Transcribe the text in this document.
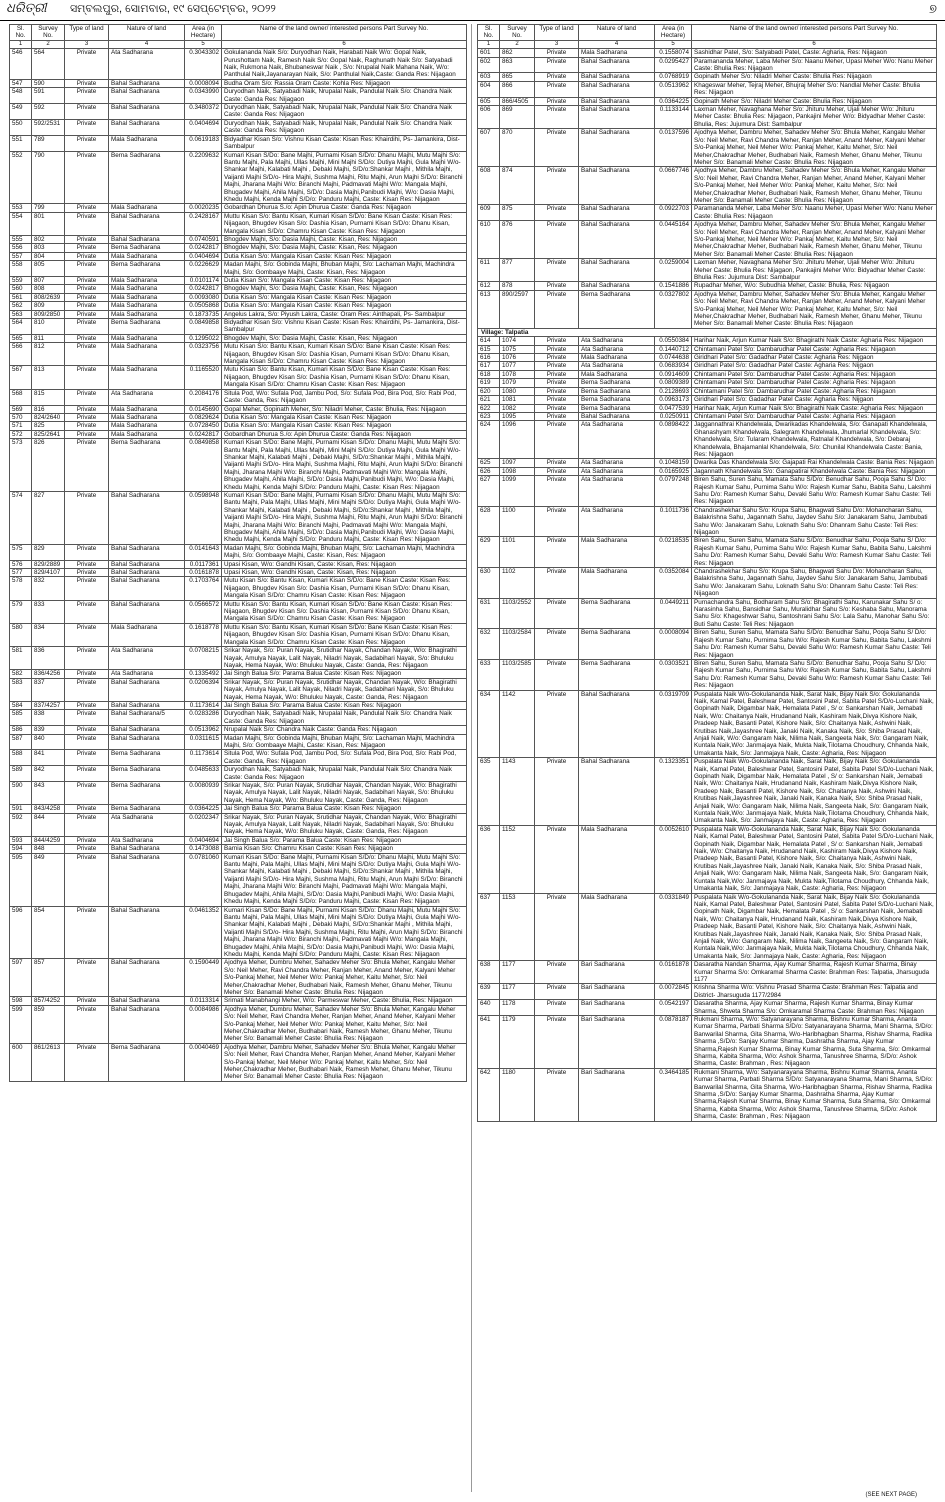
ଧରିତ୍ରୀ ସମ୍ବଲପୁର, ସୋମବାର, ୧୯ ସେପ୍ଟେମ୍ବର, ୨୦୨୨	୭
Sl. No.	Survey No.	Type of land	Nature of land	Area (in Hectare)	Name of the land owner/ interested persons Part Survey No.
1	2	3	4	5	6
546	564	Private	Ata Sadharana	0.3043302	Gokulananda Naik S/o: Duryodhan Naik, Harabati Naik W/o: Gopal Naik, Purushottam Naik, Ramesh Naik S/o: Gopal Naik, Raghunath Naik S/o: Satyabadi Naik, Rukmona Naik, Bhubaneswar Naik , S/o: Nrupalal Naik Mahana Naik, W/o: Panthulal Naik,Jayanarayan Naik, S/o: Panthulal Naik,Caste: Ganda Res: Nijagaon
547	590	Private	Bahal Sadharana	0.0008094	Budha Oram S/o: Rassia Oram Caste: Kohla Res: Nijagaon
548	591	Private	Bahal Sadharana	0.0343990	Duryodhan Naik, Satyabadi Naik, Nrupalal Naik, Pandulal Naik S/o: Chandra Naik Caste: Ganda Res: Nijagaon
549	592	Private	Bahal Sadharana	0.3480372	Duryodhan Naik, Satyabadi Naik, Nrupalal Naik, Pandulal Naik S/o: Chandra Naik Caste: Ganda Res: Nijagaon
550	592/2531	Private	Bahal Sadharana	0.0404694	Duryodhan Naik, Satyabadi Naik, Nrupalal Naik, Pandulal Naik S/o: Chandra Naik Caste: Ganda Res: Nijagaon
551	789	Private	Mala Sadharana	0.0619183	Bidyadhar Kisan S/o: Vishnu Kisan Caste: Kisan Res: Khairdihi, Ps- Jamankira, Dist-Sambalpur
552	790	Private	Berna Sadharana	0.2209632	Kumari Kisan S/Do: Bane Majhi, Purnami Kisan S/D/o: Dhanu Majhi, Mutu Majhi S/o: Bantu Majhi, Pala Majhi, Ullas Majhi, Mini Majhi S/D/o: Dutiya Majhi, Gula Majhi W/o- Shankar Majhi, Kalabati Majhi , Debaki Majhi, S/D/o:Shankar Majhi , Mithila Majhi, Vaijanti Majhi S/D/o- Hira Majhi, Sushma Majhi, Ritu Majhi, Arun Majhi S/D/o: Biranchi Majhi, Jharana Majhi W/o: Biranchi Majhi, Padmavati Majhi W/o: Mangala Majhi, Bhugadev Majhi, Ahila Majhi, S/D/o: Dasia Majhi,Panibudi Majhi, W/o: Dasia Majhi, Khedu Majhi, Kenda Majhi S/D/o: Panduru Majhi, Caste: Kisan Res: Nijagaon
553	799	Private	Mala Sadharana	0.0020235	Gobardhan Dhurua S./o: Apin Dhurua Caste: Ganda Res: Nijagaon
554	801	Private	Bahal Sadharana	0.2428167	Muttu Kisan S/o: Bantu Kisan, Kumari Kisan S/D/o: Bane Kisan Caste: Kisan Res: Nijagaon, Bhugdev Kisan S/o: Dashia Kisan, Purnami Kisan S/D/o: Dhanu Kisan, Mangala Kisan S/D/o: Chamru Kisan Caste: Kisan Res: Nijagaon
555	802	Private	Bahal Sadharana	0.0740591	Bhogdev Majhi, S/o: Dasia Majhi, Caste: Kisan, Res: Nijagaon
556	803	Private	Berna Sadharana	0.0242817	Bhogdev Majhi, S/o: Dasia Majhi, Caste: Kisan, Res: Nijagaon
557	804	Private	Mala Sadharana	0.0404694	Dutia Kisan S/o: Mangala Kisan Caste: Kisan Res: Nijagaon
558	805	Private	Berna Sadharana	0.0226629	Madan Majhi, S/o: Gobinda Majhi, Bhuban Majhi, S/o: Lachaman Majhi, Machindra Majhi, S/o: Gombaaye Majhi, Caste: Kisan, Res: Nijagaon
559	807	Private	Mala Sadharana	0.0101174	Dutia Kisan S/o: Mangala Kisan Caste: Kisan Res: Nijagaon
560	808	Private	Mala Sadharana	0.0242817	Bhogdev Majhi, S/o: Dasia Majhi, Caste: Kisan, Res: Nijagaon
561	808/2639	Private	Mala Sadharana	0.0093080	Dutia Kisan S/o: Mangala Kisan Caste: Kisan Res: Nijagaon
562	809	Private	Mala Sadharana	0.0505868	Dutia Kisan S/o: Mangala Kisan Caste: Kisan Res: Nijagaon
563	809/2850	Private	Mala Sadharana	0.1873735	Angelus Lakra, S/o: Piyush Lakra, Caste: Oram Res: Ainthapali, Ps- Sambalpur
564	810	Private	Berna Sadharana	0.0849858	Bidyadhar Kisan S/o: Vishnu Kisan Caste: Kisan Res: Khairdihi, Ps- Jamankira, Dist-Sambalpur
565	811	Private	Mala Sadharana	0.1295022	Bhogdev Majhi, S/o: Dasia Majhi, Caste: Kisan, Res: Nijagaon
566	812	Private	Mala Sadharana	0.0323756	Mutu Kisan S/o: Bantu Kisan, Kumari Kisan S/D/o: Bane Kisan Caste: Kisan Res: Nijagaon, Bhugdev Kisan S/o: Dashia Kisan, Purnami Kisan S/D/o: Dhanu Kisan, Mangala Kisan S/D/o: Chamru Kisan Caste: Kisan Res: Nijagaon
567	813	Private	Mala Sadharana	0.1165520	Mutu Kisan S/o: Bantu Kisan, Kumari Kisan S/D/o: Bane Kisan Caste: Kisan Res: Nijagaon, Bhugdev Kisan S/o: Dashia Kisan, Purnami Kisan S/D/o: Dhanu Kisan, Mangala Kisan S/D/o: Chamru Kisan Caste: Kisan Res: Nijagaon
568	815	Private	Ata Sadharana	0.2084176	Situla Pod, W/o: Sufala Pod, Jambu Pod, S/o: Sufala Pod, Bira Pod, S/o: Rabi Pod, Caste: Ganda, Res: Nijagaon
569	816	Private	Mala Sadharana	0.0145690	Gopal Meher, Gopinath Meher, S/o: Niladri Meher, Caste: Bhulia, Res: Nijagaon
570	824/2640	Private	Mala Sadharana	0.0829624	Dutia Kisan S/o: Mangala Kisan Caste: Kisan Res: Nijagaon
571	825	Private	Mala Sadharana	0.0728450	Dutia Kisan S/o: Mangala Kisan Caste: Kisan Res: Nijagaon
572	825/2641	Private	Mala Sadharana	0.0242817	Gobardhan Dhurua S./o: Apin Dhurua Caste: Ganda Res: Nijagaon
573	826	Private	Berna Sadharana	0.0849858	Kumari Kisan S/Do: Bane Majhi, Purnami Kisan S/D/o: Dhanu Majhi, Mutu Majhi S/o: Bantu Majhi, Pala Majhi, Ullas Majhi, Mini Majhi S/D/o: Dutiya Majhi, Gula Majhi W/o- Shankar Majhi, Kalabati Majhi , Debaki Majhi, S/D/o:Shankar Majhi , Mithila Majhi, Vaijanti Majhi S/D/o- Hira Majhi, Sushma Majhi, Ritu Majhi, Arun Majhi S/D/o: Biranchi Majhi, Jharana Majhi W/o: Biranchi Majhi, Padmavati Majhi W/o: Mangala Majhi, Bhugadev Majhi, Ahila Majhi, S/D/o: Dasia Majhi,Panibudi Majhi, W/o: Dasia Majhi, Khedu Majhi, Kenda Majhi S/D/o: Panduru Majhi, Caste: Kisan Res: Nijagaon
574	827	Private	Bahal Sadharana	0.0598948	Kumari Kisan S/Do: Bane Majhi, Purnami Kisan S/D/o: Dhanu Majhi, Mutu Majhi S/o: Bantu Majhi, Pala Majhi, Ullas Majhi, Mini Majhi S/D/o: Dutiya Majhi, Gula Majhi W/o- Shankar Majhi, Kalabati Majhi , Debaki Majhi, S/D/o:Shankar Majhi , Mithila Majhi, Vaijanti Majhi S/D/o- Hira Majhi, Sushma Majhi, Ritu Majhi, Arun Majhi S/D/o: Biranchi Majhi, Jharana Majhi W/o: Biranchi Majhi, Padmavati Majhi W/o: Mangala Majhi, Bhugadev Majhi, Ahila Majhi, S/D/o: Dasia Majhi,Panibudi Majhi, W/o: Dasia Majhi, Khedu Majhi, Kenda Majhi S/D/o: Panduru Majhi, Caste: Kisan Res: Nijagaon
575	829	Private	Bahal Sadharana	0.0141643	Madan Majhi, S/o: Gobinda Majhi, Bhuban Majhi, S/o: Lachaman Majhi, Machindra Majhi, S/o: Gombaaye Majhi, Caste: Kisan, Res: Nijagaon
576	829/2889	Private	Bahal Sadharana	0.0117361	Upasi Kisan, W/o: Gandhi Kisan, Caste: Kisan, Res: Nijagaon
577	829/4107	Private	Bahal Sadharana	0.0161878	Upasi Kisan, W/o: Gandhi Kisan, Caste: Kisan, Res: Nijagaon
578	832	Private	Bahal Sadharana	0.1703764	Mutu Kisan S/o: Bantu Kisan, Kumari Kisan S/D/o: Bane Kisan Caste: Kisan Res: Nijagaon, Bhugdev Kisan S/o: Dashia Kisan, Purnami Kisan S/D/o: Dhanu Kisan, Mangala Kisan S/D/o: Chamru Kisan Caste: Kisan Res: Nijagaon
579	833	Private	Bahal Sadharana	0.0566572	Muttu Kisan S/o: Bantu Kisan, Kumari Kisan S/D/o: Bane Kisan Caste: Kisan Res: Nijagaon, Bhugdev Kisan S/o: Dashia Kisan, Purnami Kisan S/D/o: Dhanu Kisan, Mangala Kisan S/D/o: Chamru Kisan Caste: Kisan Res: Nijagaon
580	834	Private	Mala Sadharana	0.1618778	Muttu Kisan S/o: Bantu Kisan, Kumari Kisan S/D/o: Bane Kisan Caste: Kisan Res: Nijagaon, Bhugdev Kisan S/o: Dashia Kisan, Purnami Kisan S/D/o: Dhanu Kisan, Mangala Kisan S/D/o: Chamru Kisan Caste: Kisan Res: Nijagaon
581	836	Private	Ata Sadharana	0.0708215	Srikar Nayak, S/o: Puran Nayak, Srutidhar Nayak, Chandan Nayak, W/o: Bhagirathi Nayak, Amulya Nayak, Lalit Nayak, Niladri Nayak, Sadabihari Nayak, S/o: Bhuluku Nayak, Hema Nayak, W/o: Bhuluku Nayak, Caste: Ganda, Res: Nijagaon
582	836/4256	Private	Ata Sadharana	0.1335492	Jai Singh Balua S/o: Parama Balua Caste: Kisan Res: Nijagaon
583	837	Private	Bahal Sadharana	0.0206394	Srikar Nayak, S/o: Puran Nayak, Srutidhar Nayak, Chandan Nayak, W/o: Bhagirathi Nayak, Amulya Nayak, Lalit Nayak, Niladri Nayak, Sadabihari Nayak, S/o: Bhuluku Nayak, Hema Nayak, W/o: Bhuluku Nayak, Caste: Ganda, Res: Nijagaon
584	837/4257	Private	Bahal Sadharana	0.1173614	Jai Singh Balua S/o: Parama Balua Caste: Kisan Res: Nijagaon
585	838	Private	Bahal Sadharana/5	0.0283286	Duryodhan Naik, Satyabadi Naik, Nrupalal Naik, Pandulal Naik S/o: Chandra Naik Caste: Ganda Res: Nijagaon
586	839	Private	Bahal Sadharana	0.0513962	Nrupalal Naik S/o: Chandra Naik Caste: Ganda Res: Nijagaon
587	840	Private	Bahal Sadharana	0.0311615	Madan Majhi, S/o: Gobinda Majhi, Bhuban Majhi, S/o: Lachaman Majhi, Machindra Majhi, S/o: Gombaaye Majhi, Caste: Kisan, Res: Nijagaon
588	841	Private	Berna Sadharana	0.1173614	Situla Pod, W/o: Sufala Pod, Jambu Pod, S/o: Sufala Pod, Bira Pod, S/o: Rabi Pod, Caste: Ganda, Res: Nijagaon
589	842	Private	Berna Sadharana	0.0485633	Duryodhan Naik, Satyabadi Naik, Nrupalal Naik, Pandulal Naik S/o: Chandra Naik Caste: Ganda Res: Nijagaon
590	843	Private	Berna Sadharana	0.0080939	Srikar Nayak, S/o: Puran Nayak, Srutidhar Nayak, Chandan Nayak, W/o: Bhagirathi Nayak, Amulya Nayak, Lalit Nayak, Niladri Nayak, Sadabihari Nayak, S/o: Bhuluku Nayak, Hema Nayak, W/o: Bhuluku Nayak, Caste: Ganda, Res: Nijagaon
591	843/4258	Private	Berna Sadharana	0.0364225	Jai Singh Balua S/o: Parama Balua Caste: Kisan Res: Nijagaon
592	844	Private	Ata Sadharana	0.0202347	Srikar Nayak, S/o: Puran Nayak, Srutidhar Nayak, Chandan Nayak, W/o: Bhagirathi Nayak, Amulya Nayak, Lalit Nayak, Niladri Nayak, Sadabihari Nayak, S/o: Bhuluku Nayak, Hema Nayak, W/o: Bhuluku Nayak, Caste: Ganda, Res: Nijagaon
593	844/4259	Private	Ata Sadharana	0.0404694	Jai Singh Balua S/o: Parama Balua Caste: Kisan Res: Nijagaon
594	848	Private	Bahal Sadharana	0.1473088	Barnia Kisan S/o: Chamru Kisan Caste: Kisan Res: Nijagaon
595	849	Private	Bahal Sadharana	0.0781060	Kumari Kisan S/Do: Bane Majhi, Purnami Kisan S/D/o: Dhanu Majhi, Mutu Majhi S/o: Bantu Majhi, Pala Majhi, Ullas Majhi, Mini Majhi S/D/o: Dutiya Majhi, Gula Majhi W/o- Shankar Majhi, Kalabati Majhi , Debaki Majhi, S/D/o:Shankar Majhi , Mithila Majhi, Vaijanti Majhi S/D/o- Hira Majhi, Sushma Majhi, Ritu Majhi, Arun Majhi S/D/o: Biranchi Majhi, Jharana Majhi W/o: Biranchi Majhi, Padmavati Majhi W/o: Mangala Majhi, Bhugadev Majhi, Ahila Majhi, S/D/o: Dasia Majhi,Panibudi Majhi, W/o: Dasia Majhi, Khedu Majhi, Kenda Majhi S/D/o: Panduru Majhi, Caste: Kisan Res: Nijagaon
596	854	Private	Bahal Sadharana	0.0461352	Kumari Kisan S/Do: Bane Majhi, Purnami Kisan S/D/o: Dhanu Majhi, Mutu Majhi S/o: Bantu Majhi, Pala Majhi, Ullas Majhi, Mini Majhi S/D/o: Dutiya Majhi, Gula Majhi W/o- Shankar Majhi, Kalabati Majhi , Debaki Majhi, S/D/o:Shankar Majhi , Mithila Majhi, Vaijanti Majhi S/D/o- Hira Majhi, Sushma Majhi, Ritu Majhi, Arun Majhi S/D/o: Biranchi Majhi, Jharana Majhi W/o: Biranchi Majhi, Padmavati Majhi W/o: Mangala Majhi, Bhugadev Majhi, Ahila Majhi, S/D/o: Dasia Majhi,Panibudi Majhi, W/o: Dasia Majhi, Khedu Majhi, Kenda Majhi S/D/o: Panduru Majhi, Caste: Kisan Res: Nijagaon
597	857	Private	Bahal Sadharana	0.1590449	Ajodhya Meher, Dumbru Meher, Sahadev Meher S/o: Bhula Meher, Kangalu Meher S/o: Neil Meher, Ravi Chandra Meher, Ranjan Meher, Anand Meher, Kalyani Meher S/o-Pankaj Meher, Neil Meher W/o: Pankaj Meher, Kaitu Meher, S/o: Neil Meher,Chakradhar Meher, Budhabari Naik, Ramesh Meher, Ghanu Meher, Tikunu Meher S/o: Banamali Meher Caste: Bhulia Res: Nijagaon
598	857/4252	Private	Bahal Sadharana	0.0113314	Srimati Manabhangi Meher, W/o: Parmeswar Meher, Caste: Bhulia, Res: Nijagaon
599	859	Private	Bahal Sadharana	0.0084986	Ajodhya Meher, Dumbru Meher, Sahadev Meher S/o: Bhula Meher, Kangalu Meher S/o: Neil Meher, Ravi Chandra Meher, Ranjan Meher, Anand Meher, Kalyani Meher S/o-Pankaj Meher, Neil Meher W/o: Pankaj Meher, Kaitu Meher, S/o: Neil Meher,Chakradhar Meher, Budhabari Naik, Ramesh Meher, Ghanu Meher, Tikunu Meher S/o: Banamali Meher Caste: Bhulia Res: Nijagaon
600	861/2613	Private	Berna Sadharana	0.0040469	Ajodhya Meher, Dambru Meher, Sahadev Meher S/o: Bhula Meher, Kangalu Meher S/o: Neil Meher, Ravi Chandra Meher, Ranjan Meher, Anand Meher, Kalyani Meher S/o-Pankaj Meher, Neil Meher W/o: Pankaj Meher, Kaitu Meher, S/o: Neil Meher,Chakradhar Meher, Budhabari Naik, Ramesh Meher, Ghanu Meher, Tikunu Meher S/o: Banamali Meher Caste: Bhulia Res: Nijagaon
Sl. No.	Survey No.	Type of land	Nature of land	Area (in Hectare)	Name of the land owner/ interested persons Part Survey No.
1	2	3	4	5	6
601	862	Private	Mala Sadharana	0.1558074	Sashidhar Patel, S/o: Satyabadi Patel, Caste: Agharia, Res: Nijagaon
602	863	Private	Bahal Sadharana	0.0295427	Paramananda Meher, Laba Meher S/o: Naanu Meher, Upasi Meher W/o: Nanu Meher Caste: Bhulia Res: Nijagaon
603	865	Private	Bahal Sadharana	0.0768919	Gopinath Meher S/o: Niladri Meher Caste: Bhulia Res: Nijagaon
604	866	Private	Bahal Sadharana	0.0513962	Khageswar Meher, Tejraj Meher, Bhujraj Meher S/o: Nandlal Meher Caste: Bhulia Res: Nijagaon
605	866/4505	Private	Bahal Sadharana	0.0364225	Gopinath Meher S/o: Niladri Meher Caste: Bhulia Res: Nijagaon
606	869	Private	Bahal Sadharana	0.1133144	Laxman Meher, Navaghana Meher S/o: Jhituru Meher, Ujali Meher W/o: Jhituru Meher Caste: Bhulia Res: Nijagaon, Pankajini Meher W/o: Bidyadhar Meher Caste: Bhulia, Res: Jujumura Dist: Sambalpur
607	870	Private	Bahal Sadharana	0.0137596	Ajodhya Meher, Dambru Meher, Sahadev Meher S/o: Bhula Meher, Kangalu Meher S/o: Neil Meher, Ravi Chandra Meher, Ranjan Meher, Anand Meher, Kalyani Meher S/o-Pankaj Meher, Neil Meher W/o: Pankaj Meher, Kaitu Meher, S/o: Neil Meher,Chakradhar Meher, Budhabari Naik, Ramesh Meher, Ghanu Meher, Tikunu Meher S/o: Banamali Meher Caste: Bhulia Res: Nijagaon
608	874	Private	Bahal Sadharana	0.0667746	Ajodhya Meher, Dambru Meher, Sahadev Meher S/o: Bhula Meher, Kangalu Meher S/o: Neil Meher, Ravi Chandra Meher, Ranjan Meher, Anand Meher, Kalyani Meher S/o-Pankaj Meher, Neil Meher W/o: Pankaj Meher, Kaitu Meher, S/o: Neil Meher,Chakradhar Meher, Budhabari Naik, Ramesh Meher, Ghanu Meher, Tikunu Meher S/o: Banamali Meher Caste: Bhulia Res: Nijagaon
609	875	Private	Bahal Sadharana	0.0922703	Paramananda Meher, Laba Meher S/o: Naanu Meher, Upasi Meher W/o: Nanu Meher Caste: Bhulia Res: Nijagaon
610	876	Private	Bahal Sadharana	0.0445164	Ajodhya Meher, Dambru Meher, Sahadev Meher S/o: Bhula Meher, Kangalu Meher S/o: Neil Meher, Ravi Chandra Meher, Ranjan Meher, Anand Meher, Kalyani Meher S/o-Pankaj Meher, Neil Meher W/o: Pankaj Meher, Kaitu Meher, S/o: Neil Meher,Chakradhar Meher, Budhabari Naik, Ramesh Meher, Ghanu Meher, Tikunu Meher S/o: Banamali Meher Caste: Bhulia Res: Nijagaon
611	877	Private	Bahal Sadharana	0.0259004	Laxman Meher, Navaghana Meher S/o: Jhituru Meher, Ujali Meher W/o: Jhituru Meher Caste: Bhulia Res: Nijagaon, Pankajini Meher W/o: Bidyadhar Meher Caste: Bhulia Res: Jujumura Dist: Sambalpur
612	878	Private	Bahal Sadharana	0.1541886	Rupadhar Meher, W/o: Subudhia Meher, Caste: Bhulia, Res: Nijagaon
613	890/2597	Private	Berna Sadharana	0.0327802	Ajodhya Meher, Dambru Meher, Sahadev Meher S/o: Bhula Meher, Kangalu Meher S/o: Neil Meher, Ravi Chandra Meher, Ranjan Meher, Anand Meher, Kalyani Meher S/o-Pankaj Meher, Neil Meher W/o: Pankaj Meher, Kaitu Meher, S/o: Neil Meher,Chakradhar Meher, Budhabari Naik, Ramesh Meher, Ghanu Meher, Tikunu Meher S/o: Banamali Meher Caste: Bhulia Res: Nijagaon
Village: Talpatia					
614	1074	Private	Ata Sadharana	0.0550384	Harihar Naik, Arjun Kumar Naik S/o: Bhagirathi Naik Caste: Agharia Res: Nijagaon
615	1075	Private	Ata Sadharana	0.1440712	Chintamani Patel S/o: Dambarudhar Patel Caste: Agharia Res: Nijagaon
616	1076	Private	Mala Sadharana	0.0744638	Giridhari Patel S/o: Gadadhar Patel Caste: Agharia Res: Nijgaon
617	1077	Private	Ata Sadharana	0.0683934	Giridhari Patel S/o: Gadadhar Patel Caste: Agharia Res: Nijgaon
618	1078	Private	Mala Sadharana	0.0914609	Chintamani Patel S/o: Dambarudhar Patel Caste: Agharia Res: Nijagaon
619	1079	Private	Berna Sadharana	0.0809389	Chintamani Patel S/o: Dambarudhar Patel Caste: Agharia Res: Nijagaon
620	1080	Private	Berna Sadharana	0.2128693	Chintamani Patel S/o: Dambarudhar Patel Caste: Agharia Res: Nijagaon
621	1081	Private	Berna Sadharana	0.0963173	Giridhari Patel S/o: Gadadhar Patel Caste: Agharia Res: Nijgaon
622	1082	Private	Berna Sadharana	0.0477539	Harihar Naik, Arjun Kumar Naik S/o: Bhagirathi Naik Caste: Agharia Res: Nijagaon
623	1095	Private	Bahal Sadharana	0.0250911	Chintamani Patel S/o: Dambarudhar Patel Caste: Agharia Res: Nijagaon
624	1096	Private	Ata Sadharana	0.0898422	Jaggannathrai Khandelwala, Dwarikadas Khandelwala, S/o: Ganapati Khandelwala, Ghanashyam Khandelwala, Salegram Khandelwala, Jhumarlal Khandelwala, S/o: Khandelwala, S/o: Tularam Khandelwala, Ratnalal Khandelwala, S/o: Debaraj Khandelwala, Bhajamanlal Khandelwala, S/o: Chunilal Khandelwala Caste: Bania, Res: Nijagaon
625	1097	Private	Ata Sadharana	0.1048159	Dwarika Das Khandelwala S/o: Gajapati Rai Khandelwala Caste: Bania Res: Nijagaon
626	1098	Private	Ata Sadharana	0.0165925	Jagannath Khandelwala S/o: Ganapatirai Khandelwala Caste: Bania Res: Nijagaon
627	1099	Private	Ata Sadharana	0.0797248	Biren Sahu, Suren Sahu, Mamata Sahu S/D/o: Benudhar Sahu, Pooja Sahu S/ D/o: Rajesh Kumar Sahu, Purnima Sahu W/o: Rajesh Kumar Sahu, Babita Sahu, Lakshmi Sahu D/o: Ramesh Kumar Sahu, Devaki Sahu W/o: Ramesh Kumar Sahu Caste: Teli Res: Nijagaon
628	1100	Private	Ata Sadharana	0.1011736	Chandrashekhar Sahu S/o: Krupa Sahu, Bhagwati Sahu D/o: Mohancharan Sahu, Balakrishna Sahu, Jagannath Sahu, Jaydev Sahu S/o: Janakaram Sahu, Jambubati Sahu W/o: Janakaram Sahu, Loknath Sahu S/o: Dhanram Sahu Caste: Teli Res: Nijagaon
629	1101	Private	Mala Sadharana	0.0218535	Biren Sahu, Suren Sahu, Mamata Sahu S/D/o: Benudhar Sahu, Pooja Sahu S/ D/o: Rajesh Kumar Sahu, Purnima Sahu W/o: Rajesh Kumar Sahu, Babita Sahu, Lakshmi Sahu D/o: Ramesh Kumar Sahu, Devaki Sahu W/o: Ramesh Kumar Sahu Caste: Teli Res: Nijagaon
630	1102	Private	Mala Sadharana	0.0352084	Chandrashekhar Sahu S/o: Krupa Sahu, Bhagwati Sahu D/o: Mohancharan Sahu, Balakrishna Sahu, Jagannath Sahu, Jaydev Sahu S/o: Janakaram Sahu, Jambubati Sahu W/o: Janakaram Sahu, Loknath Sahu S/o: Dhanram Sahu Caste: Teli Res: Nijagaon
631	1103/2552	Private	Berna Sadharana	0.0449211	Purnachandra Sahu, Bodharam Sahu S/o: Bhagirathi Sahu, Karunakar Sahu S/ o: Narasinha Sahu, Bansidhar Sahu, Muralidhar Sahu S/o: Keshaba Sahu, Manorama Sahu S/o: Khageshwar Sahu, Santoshrani Sahu S/o: Lala Sahu, Manohar Sahu S/o: Buti Sahu Caste: Teli Res: Nijagaon
632	1103/2584	Private	Berna Sadharana	0.0008094	Biren Sahu, Suren Sahu, Mamata Sahu S/D/o: Benudhar Sahu, Pooja Sahu S/ D/o: Rajesh Kumar Sahu, Purnima Sahu W/o: Rajesh Kumar Sahu, Babita Sahu, Lakshmi Sahu D/o: Ramesh Kumar Sahu, Devaki Sahu W/o: Ramesh Kumar Sahu Caste: Teli Res: Nijagaon
633	1103/2585	Private	Berna Sadharana	0.0303521	Biren Sahu, Suren Sahu, Mamata Sahu S/D/o: Benudhar Sahu, Pooja Sahu S/ D/o: Rajesh Kumar Sahu, Purnima Sahu W/o: Rajesh Kumar Sahu, Babita Sahu, Lakshmi Sahu D/o: Ramesh Kumar Sahu, Devaki Sahu W/o: Ramesh Kumar Sahu Caste: Teli Res: Nijagaon
634	1142	Private	Bahal Sadharana	0.0319709	Puspalata Naik W/o-Gokulananda Naik, Sarat Naik, Bijay Naik S/o: Gokulananda Naik, Kamal Patel, Baleshwar Patel, Santosini Patel, Sabita Patel S/D/o-Luchani Naik, Gopinath Naik, Digambar Naik, Hemalata Patel , S/ o: Sankarshan Naik, Jemabati Naik, W/o: Chaitanya Naik, Hrudanand Naik, Kashiram Naik,Divya Kishore Naik, Pradeep Naik, Basanti Patel, Kishore Naik, S/o: Chaitanya Naik, Ashwini Naik, Krutibas Naik,Jayashree Naik, Janaki Naik, Kanaka Naik, S/o: Shiba Prasad Naik, Anjali Naik, W/o: Gangaram Naik, Nilima Naik, Sangeeta Naik, S/o: Gangaram Naik, Kuntala Naik,W/o: Janmajaya Naik, Mukta Naik,Tilotama Choudhury, Chhanda Naik, Umakanta Naik, S/o: Janmajaya Naik, Caste: Agharia, Res: Nijagaon
635	1143	Private	Bahal Sadharana	0.1323351	Puspalata Naik W/o-Gokulananda Naik, Sarat Naik, Bijay Naik S/o: Gokulananda Naik, Kamal Patel, Baleshwar Patel, Santosini Patel, Sabita Patel S/D/o-Luchani Naik, Gopinath Naik, Digambar Naik, Hemalata Patel , S/ o: Sankarshan Naik, Jemabati Naik, W/o: Chaitanya Naik, Hrudanand Naik, Kashiram Naik,Divya Kishore Naik, Pradeep Naik, Basanti Patel, Kishore Naik, S/o: Chaitanya Naik, Ashwini Naik, Krutibas Naik,Jayashree Naik, Janaki Naik, Kanaka Naik, S/o: Shiba Prasad Naik, Anjali Naik, W/o: Gangaram Naik, Nilima Naik, Sangeeta Naik, S/o: Gangaram Naik, Kuntala Naik,W/o: Janmajaya Naik, Mukta Naik,Tilotama Choudhury, Chhanda Naik, Umakanta Naik, S/o: Janmajaya Naik, Caste: Agharia, Res: Nijagaon
636	1152	Private	Mala Sadharana	0.0052610	Puspalata Naik W/o-Gokulananda Naik, Sarat Naik, Bijay Naik S/o: Gokulananda Naik, Kamal Patel, Baleshwar Patel, Santosini Patel, Sabita Patel S/D/o-Luchani Naik, Gopinath Naik, Digambar Naik, Hemalata Patel , S/ o: Sankarshan Naik, Jemabati Naik, W/o: Chaitanya Naik, Hrudanand Naik, Kashiram Naik,Divya Kishore Naik, Pradeep Naik, Basanti Patel, Kishore Naik, S/o: Chaitanya Naik, Ashwini Naik, Krutibas Naik,Jayashree Naik, Janaki Naik, Kanaka Naik, S/o: Shiba Prasad Naik, Anjali Naik, W/o: Gangaram Naik, Nilima Naik, Sangeeta Naik, S/o: Gangaram Naik, Kuntala Naik,W/o: Janmajaya Naik, Mukta Naik,Tilotama Choudhury, Chhanda Naik, Umakanta Naik, S/o: Janmajaya Naik, Caste: Agharia, Res: Nijagaon
637	1153	Private	Mala Sadharana	0.0331849	Puspalata Naik W/o-Gokulananda Naik, Sarat Naik, Bijay Naik S/o: Gokulananda Naik, Kamal Patel, Baleshwar Patel, Santosini Patel, Sabita Patel S/D/o-Luchani Naik, Gopinath Naik, Digambar Naik, Hemalata Patel , S/ o: Sankarshan Naik, Jemabati Naik, W/o: Chaitanya Naik, Hrudanand Naik, Kashiram Naik,Divya Kishore Naik, Pradeep Naik, Basanti Patel, Kishore Naik, S/o: Chaitanya Naik, Ashwini Naik, Krutibas Naik,Jayashree Naik, Janaki Naik, Kanaka Naik, S/o: Shiba Prasad Naik, Anjali Naik, W/o: Gangaram Naik, Nilima Naik, Sangeeta Naik, S/o: Gangaram Naik, Kuntala Naik,W/o: Janmajaya Naik, Mukta Naik,Tilotama Choudhury, Chhanda Naik, Umakanta Naik, S/o: Janmajaya Naik, Caste: Agharia, Res: Nijagaon
638	1177	Private	Bari Sadharana	0.0161878	Dasaratha Nandan Sharma, Ajay Kumar Sharma, Rajesh Kumar Sharma, Binay Kumar Sharma S/o: Omkaramal Sharma Caste: Brahman Res: Talpatia, Jharsuguda 1177
639	1177	Private	Bari Sadharana	0.0072845	Krishna Sharma W/o: Vishnu Prasad Sharma Caste: Brahman Res: Talpatia and District- Jharsuguda 1177/2984
640	1178	Private	Bari Sadharana	0.0542197	Dasaratha Sharma, Ajay Kumar Sharma, Rajesh Kumar Sharma, Binay Kumar Sharma, Shweta Sharma S/o: Omkaramal Sharma Caste: Brahman Res: Nijagaon
641	1179	Private	Bari Sadharana	0.0878187	Rukmani Sharma, W/o: Satyanarayana Sharma, Bishnu Kumar Sharma, Ananta Kumar Sharma, Parbati Sharma S/D/o: Satyanarayana Sharma, Mani Sharma, S/D/o: Banwarilal Sharma, Gita Sharma, W/o-Haribhagban Sharma, Rishav Sharma, Radika Sharma ,S/D/o: Sanjay Kumar Sharma, Dashratha Sharma, Ajay Kumar Sharma,Rajesh Kumar Sharma, Binay Kumar Sharma, Suta Sharma, S/o: Omkarmal Sharma, Kabita Sharma, W/o: Ashok Sharma, Tanushree Sharma, S/D/o: Ashok Sharma, Caste: Brahman , Res: Nijagaon
642	1180	Private	Bari Sadharana	0.3464185	Rukmani Sharma, W/o: Satyanarayana Sharma, Bishnu Kumar Sharma, Ananta Kumar Sharma, Parbati Sharma S/D/o: Satyanarayana Sharma, Mani Sharma, S/D/o: Banwarilal Sharma, Gita Sharma, W/o-Haribhagban Sharma, Rishav Sharma, Radika Sharma ,S/D/o: Sanjay Kumar Sharma, Dashratha Sharma, Ajay Kumar Sharma,Rajesh Kumar Sharma, Binay Kumar Sharma, Suta Sharma, S/o: Omkarmal Sharma, Kabita Sharma, W/o: Ashok Sharma, Tanushree Sharma, S/D/o: Ashok Sharma, Caste: Brahman , Res: Nijagaon
(SEE NEXT PAGE)
